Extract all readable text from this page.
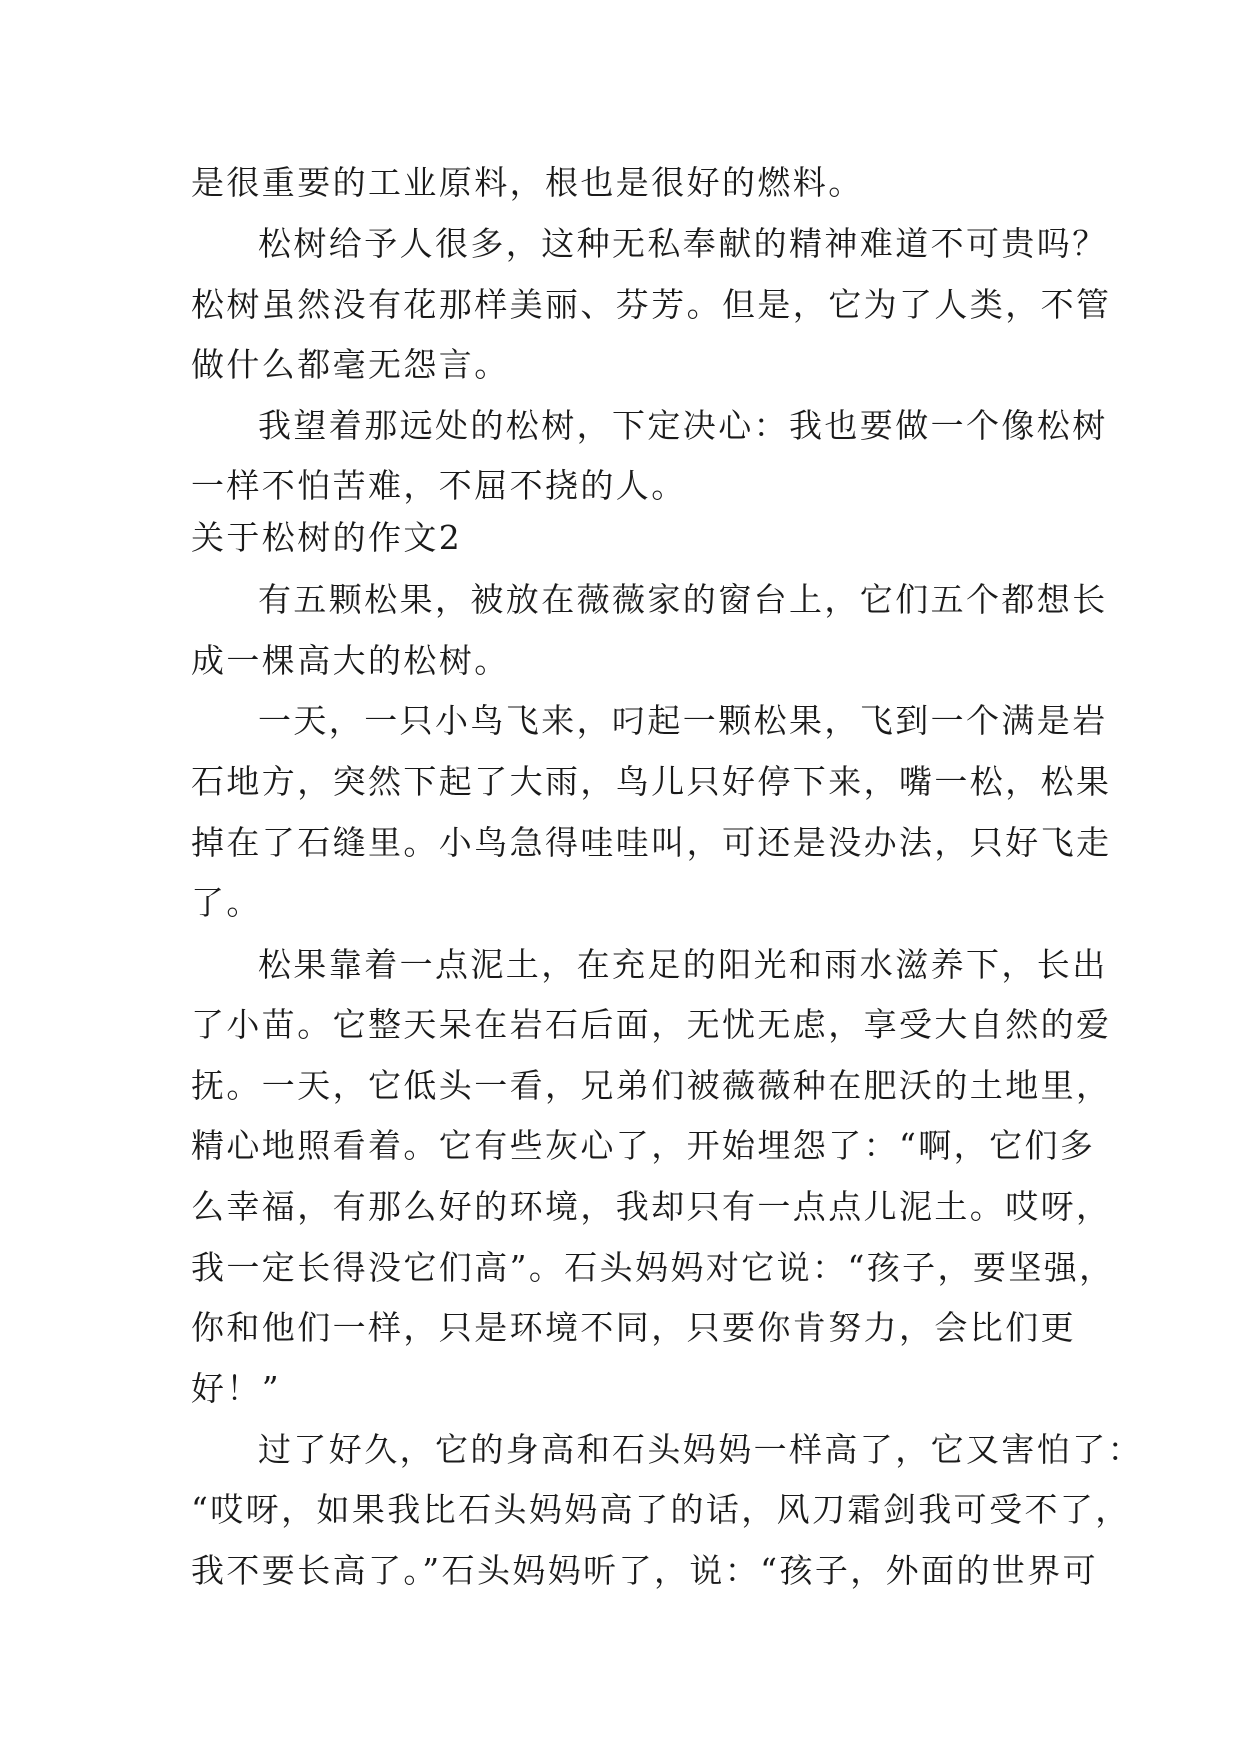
是很重要的工业原料，根也是很好的燃料。
松树给予人很多，这种无私奉献的精神难道不可贵吗？
松树虽然没有花那样美丽、芬芳。但是，它为了人类，不管
做什么都毫无怨言。
我望着那远处的松树，下定决心：我也要做一个像松树
一样不怕苦难，不屈不挠的人。
关于松树的作文2
有五颗松果，被放在薇薇家的窗台上，它们五个都想长
成一棵高大的松树。
一天，一只小鸟飞来，叼起一颗松果，飞到一个满是岩
石地方，突然下起了大雨，鸟儿只好停下来，嘴一松，松果
掉在了石缝里。小鸟急得哇哇叫，可还是没办法，只好飞走
了。
松果靠着一点泥土，在充足的阳光和雨水滋养下，长出
了小苗。它整天呆在岩石后面，无忧无虑，享受大自然的爱
抚。一天，它低头一看，兄弟们被薇薇种在肥沃的土地里，
精心地照看着。它有些灰心了，开始埋怨了：“啊，它们多
么幸福，有那么好的环境，我却只有一点点儿泥土。哎呀，
我一定长得没它们高”。石头妈妈对它说：“孩子，要坚强，
你和他们一样，只是环境不同，只要你肯努力，会比们更
好！”
过了好久，它的身高和石头妈妈一样高了，它又害怕了：
“哎呀，如果我比石头妈妈高了的话，风刀霜剑我可受不了，
我不要长高了。”石头妈妈听了，说：“孩子，外面的世界可
